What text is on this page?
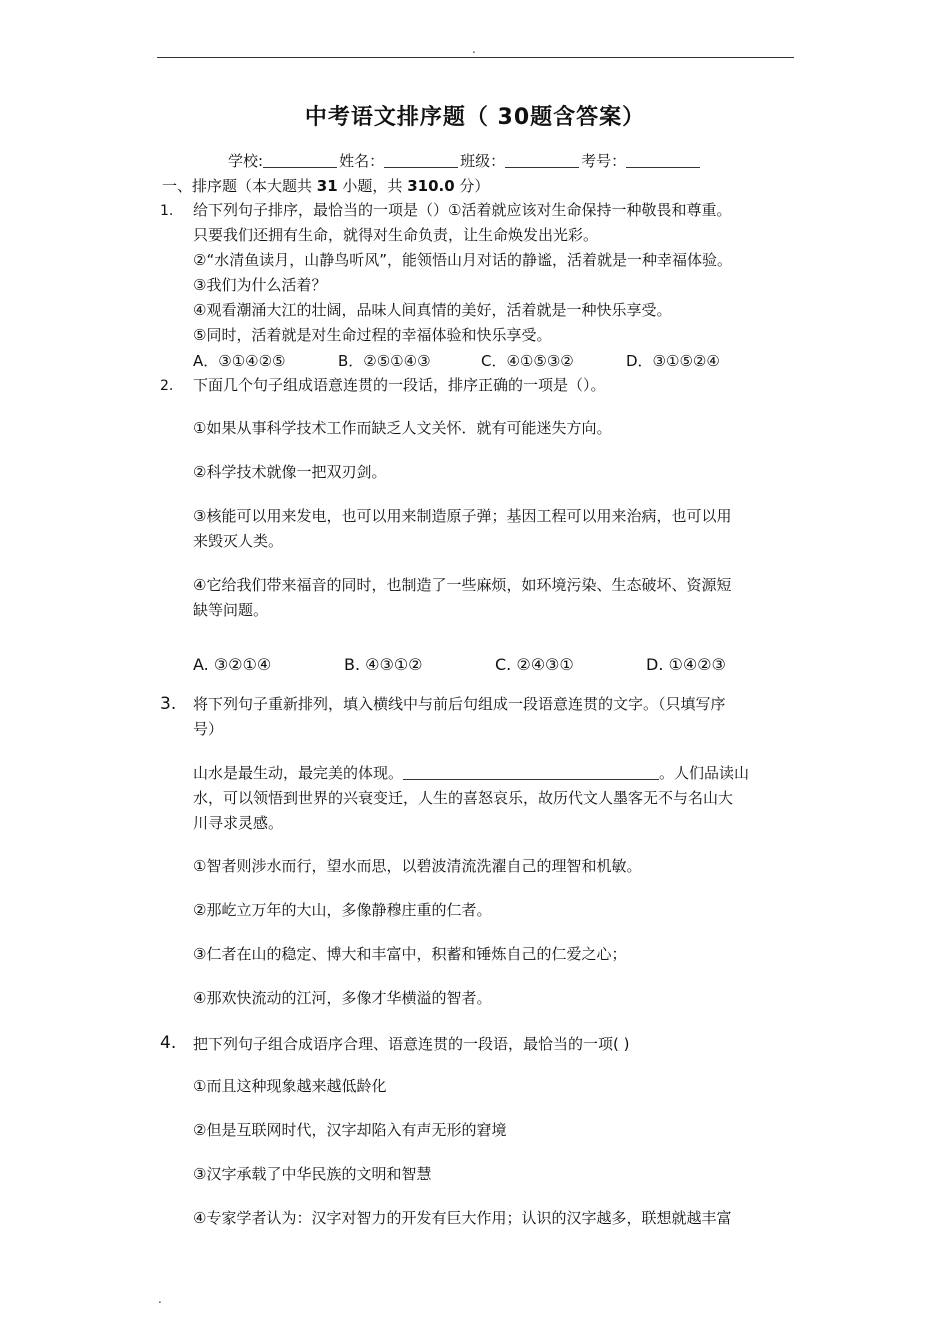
.
中考语文排序题（ 30题含答案）
学校:	姓名：	班级：	考号：
一、排序题（本大题共 31 小题，共 310.0 分）
1. 给下列句子排序，最恰当的一项是（）①活着就应该对生命保持一种敬畏和尊重。
只要我们还拥有生命，就得对生命负责，让生命焕发出光彩。
②“水清鱼读月，山静鸟听风”，能领悟山月对话的静谧，活着就是一种幸福体验。
③我们为什么活着？
④观看潮涌大江的壮阔，品味人间真情的美好，活着就是一种快乐享受。
⑤同时，活着就是对生命过程的幸福体验和快乐享受。
A．③①④②⑤	B．②⑤①④③	C．④①⑤③②	D．③①⑤②④
2. 下面几个句子组成语意连贯的一段话，排序正确的一项是（）。
①如果从事科学技术工作而缺乏人文关怀．就有可能迷失方向。
②科学技术就像一把双刃剑。
③核能可以用来发电，也可以用来制造原子弹；基因工程可以用来治病，也可以用
来毁灭人类。
④它给我们带来福音的同时，也制造了一些麻烦，如环境污染、生态破坏、资源短
缺等问题。
A. ③②①④	B. ④③①②	C. ②④③①	D. ①④②③
3. 将下列句子重新排列，填入横线中与前后句组成一段语意连贯的文字。（只填写序
号）
山水是最生动，最完美的体现。	。人们品读山
水，可以领悟到世界的兴衰变迁，人生的喜怒哀乐，故历代文人墨客无不与名山大
川寻求灵感。
①智者则涉水而行，望水而思，以碧波清流洗濯自己的理智和机敏。
②那屹立万年的大山，多像静穆庄重的仁者。
③仁者在山的稳定、博大和丰富中，积蓄和锤炼自己的仁爱之心；
④那欢快流动的江河，多像才华横溢的智者。
4. 把下列句子组合成语序合理、语意连贯的一段语，最恰当的一项( )
①而且这种现象越来越低龄化
②但是互联网时代，汉字却陷入有声无形的窘境
③汉字承载了中华民族的文明和智慧
④专家学者认为：汉字对智力的开发有巨大作用；认识的汉字越多，联想就越丰富
.
